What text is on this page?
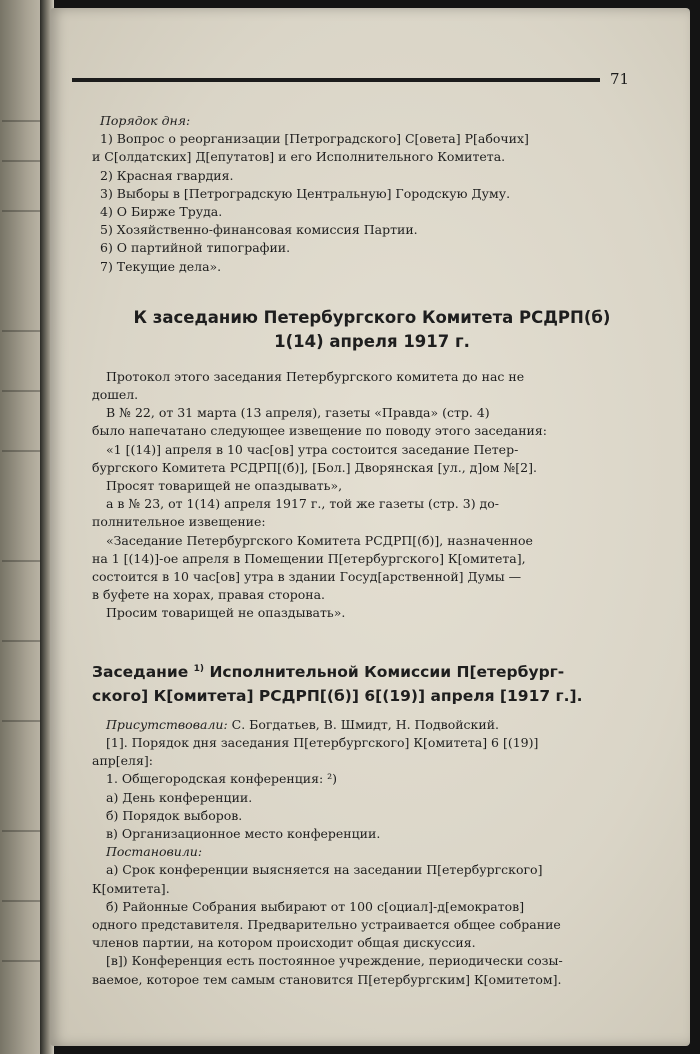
71
Порядок дня:
1) Вопрос о реорганизации [Петроградского] С[овета] Р[абочих]
и С[олдатских] Д[епутатов] и его Исполнительного Комитета.
2) Красная гвардия.
3) Выборы в [Петроградскую Центральную] Городскую Думу.
4) О Бирже Труда.
5) Хозяйственно-финансовая комиссия Партии.
6) О партийной типографии.
7) Текущие дела».
К заседанию Петербургского Комитета РСДРП(б)
1(14) апреля 1917 г.
Протокол этого заседания Петербургского комитета до нас не
дошел.
В № 22, от 31 марта (13 апреля), газеты «Правда» (стр. 4)
было напечатано следующее извещение по поводу этого заседания:
«1 [(14)] апреля в 10 час[ов] утра состоится заседание Петер-
бургского Комитета РСДРП[(б)], [Бол.] Дворянская [ул., д]ом №[2].
Просят товарищей не опаздывать»,
а в № 23, от 1(14) апреля 1917 г., той же газеты (стр. 3) до-
полнительное извещение:
«Заседание Петербургского Комитета РСДРП[(б)], назначенное
на 1 [(14)]-ое апреля в Помещении П[етербургского] К[омитета],
состоится в 10 час[ов] утра в здании Госуд[арственной] Думы —
в буфете на хорах, правая сторона.
Просим товарищей не опаздывать».
Заседание $^{1)}$ Исполнительной Комиссии П[етербург-
ского] К[омитета] РСДРП[(б)] 6[(19)] апреля [1917 г.].
Присутствовали: С. Богдатьев, В. Шмидт, Н. Подвойский.
[1]. Порядок дня заседания П[етербургского] К[омитета] 6 [(19)]
апр[еля]:
1. Общегородская конференция: ²)
а) День конференции.
б) Порядок выборов.
в) Организационное место конференции.
Постановили:
а) Срок конференции выясняется на заседании П[етербургского]
К[омитета].
б) Районные Собрания выбирают от 100 с[оциал]-д[емократов]
одного представителя. Предварительно устраивается общее собрание
членов партии, на котором происходит общая дискуссия.
[в]) Конференция есть постоянное учреждение, периодически созы-
ваемое, которое тем самым становится П[етербургским] К[омитетом].
